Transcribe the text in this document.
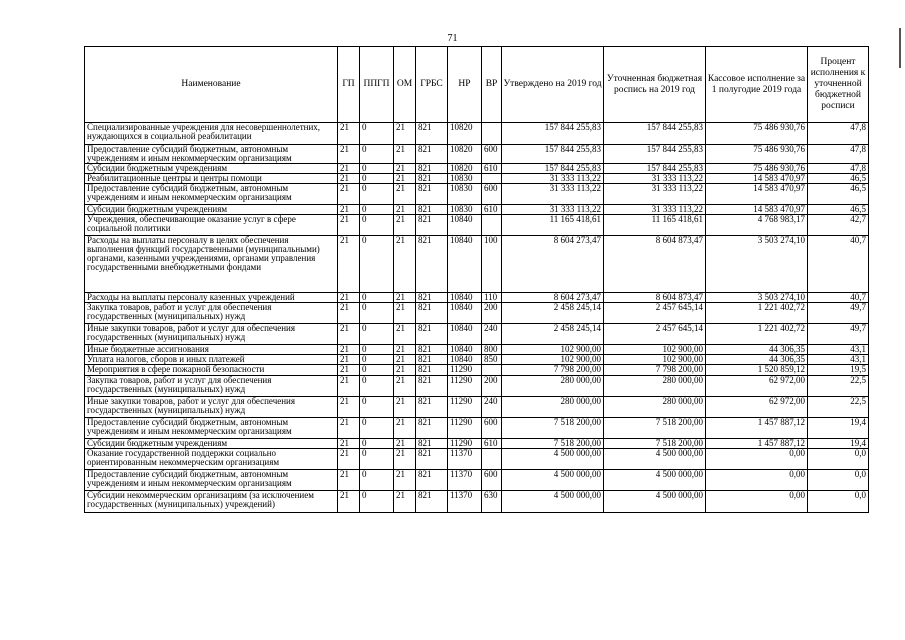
71
Наименование	ГП	ППГП	ОМ	ГРБС	НР	ВР	Утверждено на 2019 год	Уточненная бюджетная роспись на 2019 год	Кассовое исполнение за 1 полугодие 2019 года	Процент исполнения к уточненной бюджетной росписи
Специализированные учреждения для несовершеннолетних, нуждающихся в социальной реабилитации	21	0	21	821	10820		157 844 255,83	157 844 255,83	75 486 930,76	47,8
Предоставление субсидий бюджетным, автономным учреждениям и иным некоммерческим организациям	21	0	21	821	10820	600	157 844 255,83	157 844 255,83	75 486 930,76	47,8
Субсидии бюджетным учреждениям	21	0	21	821	10820	610	157 844 255,83	157 844 255,83	75 486 930,76	47,8
Реабилитационные центры и центры помощи	21	0	21	821	10830		31 333 113,22	31 333 113,22	14 583 470,97	46,5
Предоставление субсидий бюджетным, автономным учреждениям и иным некоммерческим организациям	21	0	21	821	10830	600	31 333 113,22	31 333 113,22	14 583 470,97	46,5
Субсидии бюджетным учреждениям	21	0	21	821	10830	610	31 333 113,22	31 333 113,22	14 583 470,97	46,5
Учреждения, обеспечивающие оказание услуг в сфере социальной политики	21	0	21	821	10840		11 165 418,61	11 165 418,61	4 768 983,17	42,7
Расходы на выплаты персоналу в целях обеспечения выполнения функций государственными (муниципальными) органами, казенными учреждениями, органами управления государственными внебюджетными фондами	21	0	21	821	10840	100	8 604 273,47	8 604 873,47	3 503 274,10	40,7
Расходы на выплаты персоналу казенных учреждений	21	0	21	821	10840	110	8 604 273,47	8 604 873,47	3 503 274,10	40,7
Закупка товаров, работ и услуг для обеспечения государственных (муниципальных) нужд	21	0	21	821	10840	200	2 458 245,14	2 457 645,14	1 221 402,72	49,7
Иные закупки товаров, работ и услуг для обеспечения государственных (муниципальных) нужд	21	0	21	821	10840	240	2 458 245,14	2 457 645,14	1 221 402,72	49,7
Иные бюджетные ассигнования	21	0	21	821	10840	800	102 900,00	102 900,00	44 306,35	43,1
Уплата налогов, сборов и иных платежей	21	0	21	821	10840	850	102 900,00	102 900,00	44 306,35	43,1
Мероприятия в сфере пожарной безопасности	21	0	21	821	11290		7 798 200,00	7 798 200,00	1 520 859,12	19,5
Закупка товаров, работ и услуг для обеспечения государственных (муниципальных) нужд	21	0	21	821	11290	200	280 000,00	280 000,00	62 972,00	22,5
Иные закупки товаров, работ и услуг для обеспечения государственных (муниципальных) нужд	21	0	21	821	11290	240	280 000,00	280 000,00	62 972,00	22,5
Предоставление субсидий бюджетным, автономным учреждениям и иным некоммерческим организациям	21	0	21	821	11290	600	7 518 200,00	7 518 200,00	1 457 887,12	19,4
Субсидии бюджетным учреждениям	21	0	21	821	11290	610	7 518 200,00	7 518 200,00	1 457 887,12	19,4
Оказание государственной поддержки социально ориентированным некоммерческим организациям	21	0	21	821	11370		4 500 000,00	4 500 000,00	0,00	0,0
Предоставление субсидий бюджетным, автономным учреждениям и иным некоммерческим организациям	21	0	21	821	11370	600	4 500 000,00	4 500 000,00	0,00	0,0
Субсидии некоммерческим организациям (за исключением государственных (муниципальных) учреждений)	21	0	21	821	11370	630	4 500 000,00	4 500 000,00	0,00	0,0
